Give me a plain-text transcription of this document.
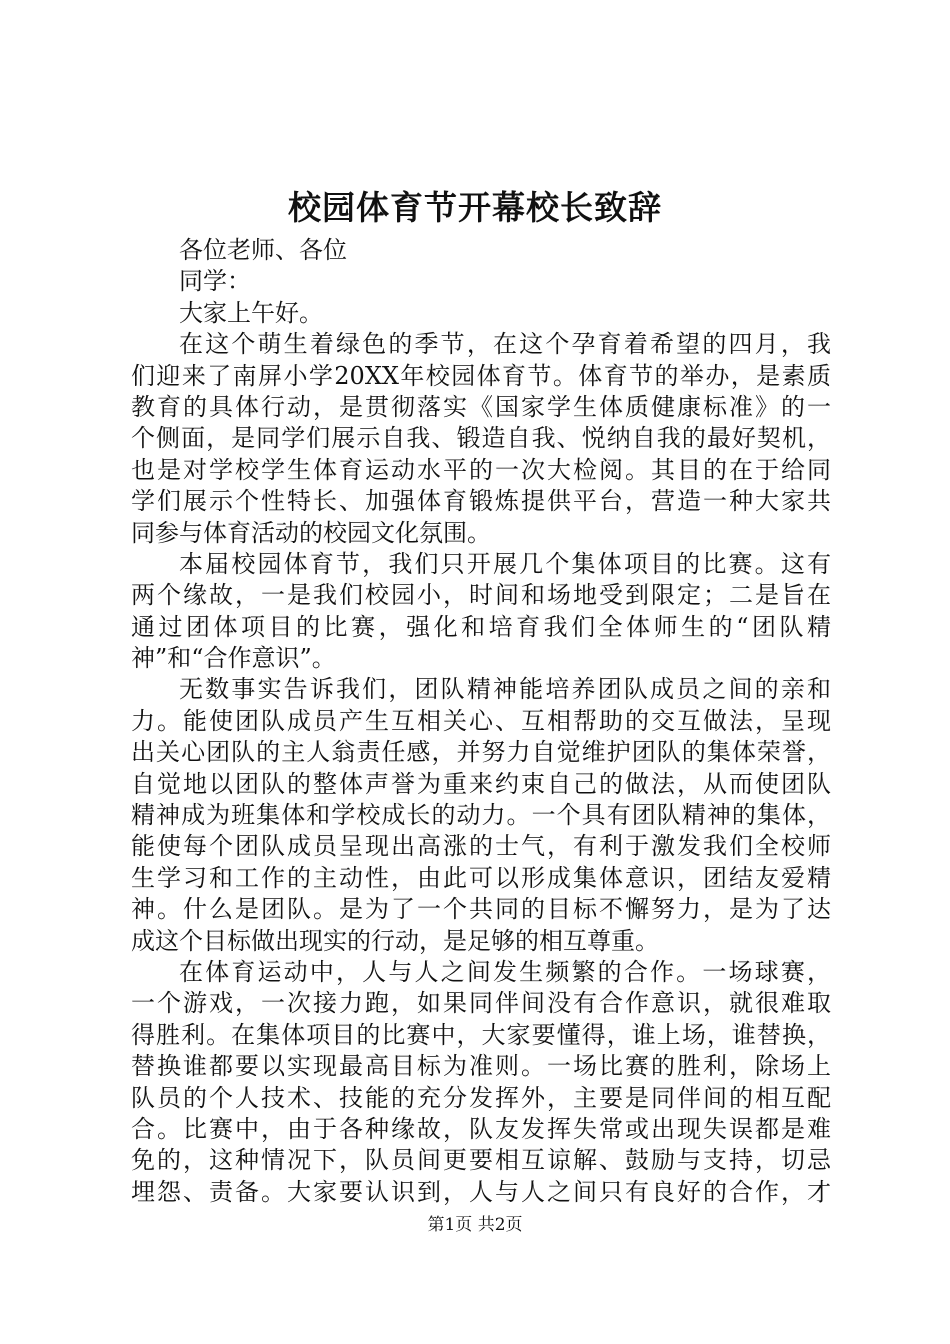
校园体育节开幕校长致辞
各位老师、各位
同学：
大家上午好。
在这个萌生着绿色的季节，在这个孕育着希望的四月，我
们迎来了南屏小学20XX年校园体育节。体育节的举办，是素质
教育的具体行动，是贯彻落实《国家学生体质健康标准》的一
个侧面，是同学们展示自我、锻造自我、悦纳自我的最好契机，
也是对学校学生体育运动水平的一次大检阅。其目的在于给同
学们展示个性特长、加强体育锻炼提供平台，营造一种大家共
同参与体育活动的校园文化氛围。
本届校园体育节，我们只开展几个集体项目的比赛。这有
两个缘故，一是我们校园小，时间和场地受到限定；二是旨在
通过团体项目的比赛，强化和培育我们全体师生的“团队精
神”和“合作意识”。
无数事实告诉我们，团队精神能培养团队成员之间的亲和
力。能使团队成员产生互相关心、互相帮助的交互做法，呈现
出关心团队的主人翁责任感，并努力自觉维护团队的集体荣誉，
自觉地以团队的整体声誉为重来约束自己的做法，从而使团队
精神成为班集体和学校成长的动力。一个具有团队精神的集体，
能使每个团队成员呈现出高涨的士气，有利于激发我们全校师
生学习和工作的主动性，由此可以形成集体意识，团结友爱精
神。什么是团队。是为了一个共同的目标不懈努力，是为了达
成这个目标做出现实的行动，是足够的相互尊重。
在体育运动中，人与人之间发生频繁的合作。一场球赛，
一个游戏，一次接力跑，如果同伴间没有合作意识，就很难取
得胜利。在集体项目的比赛中，大家要懂得，谁上场，谁替换，
替换谁都要以实现最高目标为准则。一场比赛的胜利，除场上
队员的个人技术、技能的充分发挥外，主要是同伴间的相互配
合。比赛中，由于各种缘故，队友发挥失常或出现失误都是难
免的，这种情况下，队员间更要相互谅解、鼓励与支持，切忌
埋怨、责备。大家要认识到，人与人之间只有良好的合作，才
第1页 共2页
